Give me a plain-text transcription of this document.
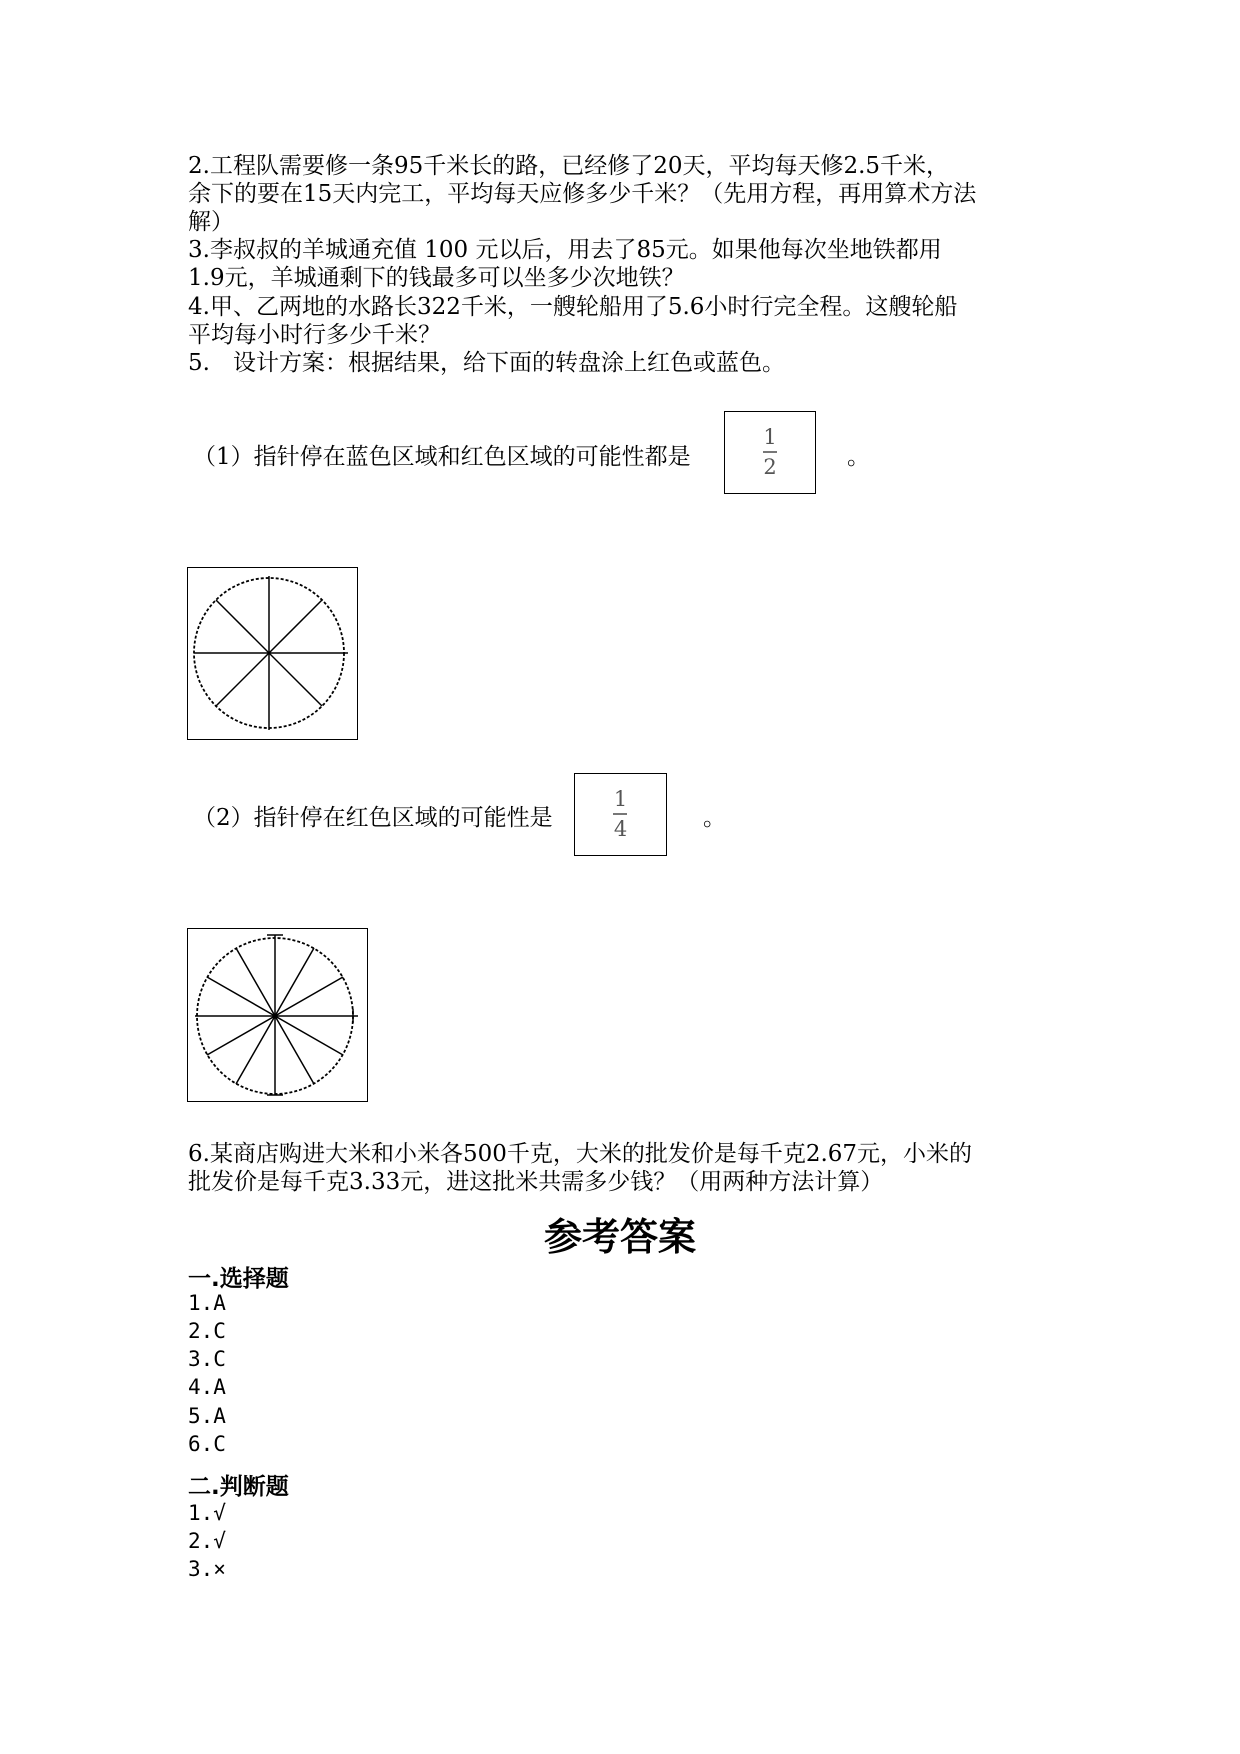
2.工程队需要修一条95千米长的路，已经修了20天，平均每天修2.5千米，
余下的要在15天内完工，平均每天应修多少千米？（先用方程，再用算术方法
解）
3.李叔叔的羊城通充值 100 元以后，用去了85元。如果他每次坐地铁都用
1.9元，羊城通剩下的钱最多可以坐多少次地铁？
4.甲、乙两地的水路长322千米，一艘轮船用了5.6小时行完全程。这艘轮船
平均每小时行多少千米？
5.　设计方案：根据结果，给下面的转盘涂上红色或蓝色。
（1）指针停在蓝色区域和红色区域的可能性都是
1
2	。
（2）指针停在红色区域的可能性是
1
4	。
6.某商店购进大米和小米各500千克，大米的批发价是每千克2.67元，小米的
批发价是每千克3.33元，进这批米共需多少钱？（用两种方法计算）
参考答案
一.选择题
1.A
2.C
3.C
4.A
5.A
6.C
二.判断题
1.√
2.√
3.×
